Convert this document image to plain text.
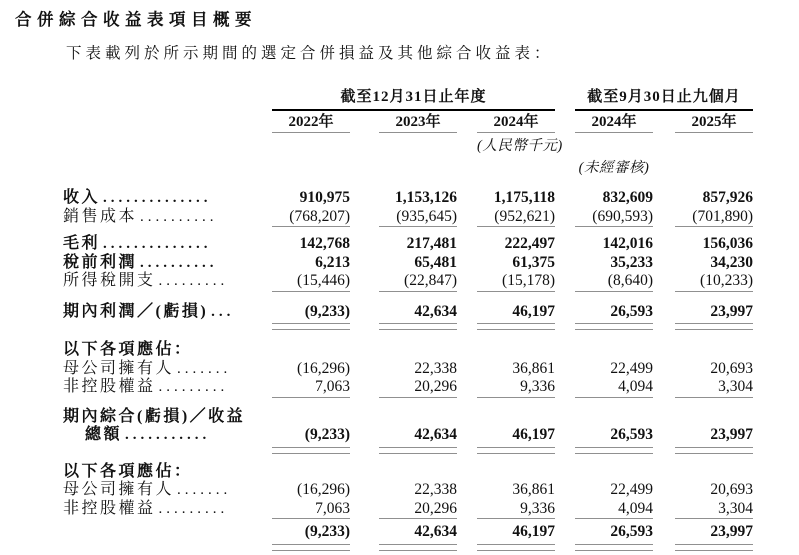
合併綜合收益表項目概要
下表載列於所示期間的選定合併損益及其他綜合收益表：
截至12月31日止年度	截至9月30日止九個月
2022年	2023年	2024年	2024年	2025年
(人民幣千元)
(未經審核)
收入 ..............	910,975	1,153,126	1,175,118	832,609	857,926
銷售成本 ..........	(768,207)	(935,645)	(952,621)	(690,593)	(701,890)
毛利 ..............	142,768	217,481	222,497	142,016	156,036
稅前利潤 ..........	6,213	65,481	61,375	35,233	34,230
所得稅開支 .........	(15,446)	(22,847)	(15,178)	(8,640)	(10,233)
期內利潤／(虧損) ...	(9,233)	42,634	46,197	26,593	23,997
以下各項應佔：
母公司擁有人 .......	(16,296)	22,338	36,861	22,499	20,693
非控股權益 .........	7,063	20,296	9,336	4,094	3,304
期內綜合(虧損)／收益
總額 ...........	(9,233)	42,634	46,197	26,593	23,997
以下各項應佔：
母公司擁有人 .......	(16,296)	22,338	36,861	22,499	20,693
非控股權益 .........	7,063	20,296	9,336	4,094	3,304
(9,233)	42,634	46,197	26,593	23,997
